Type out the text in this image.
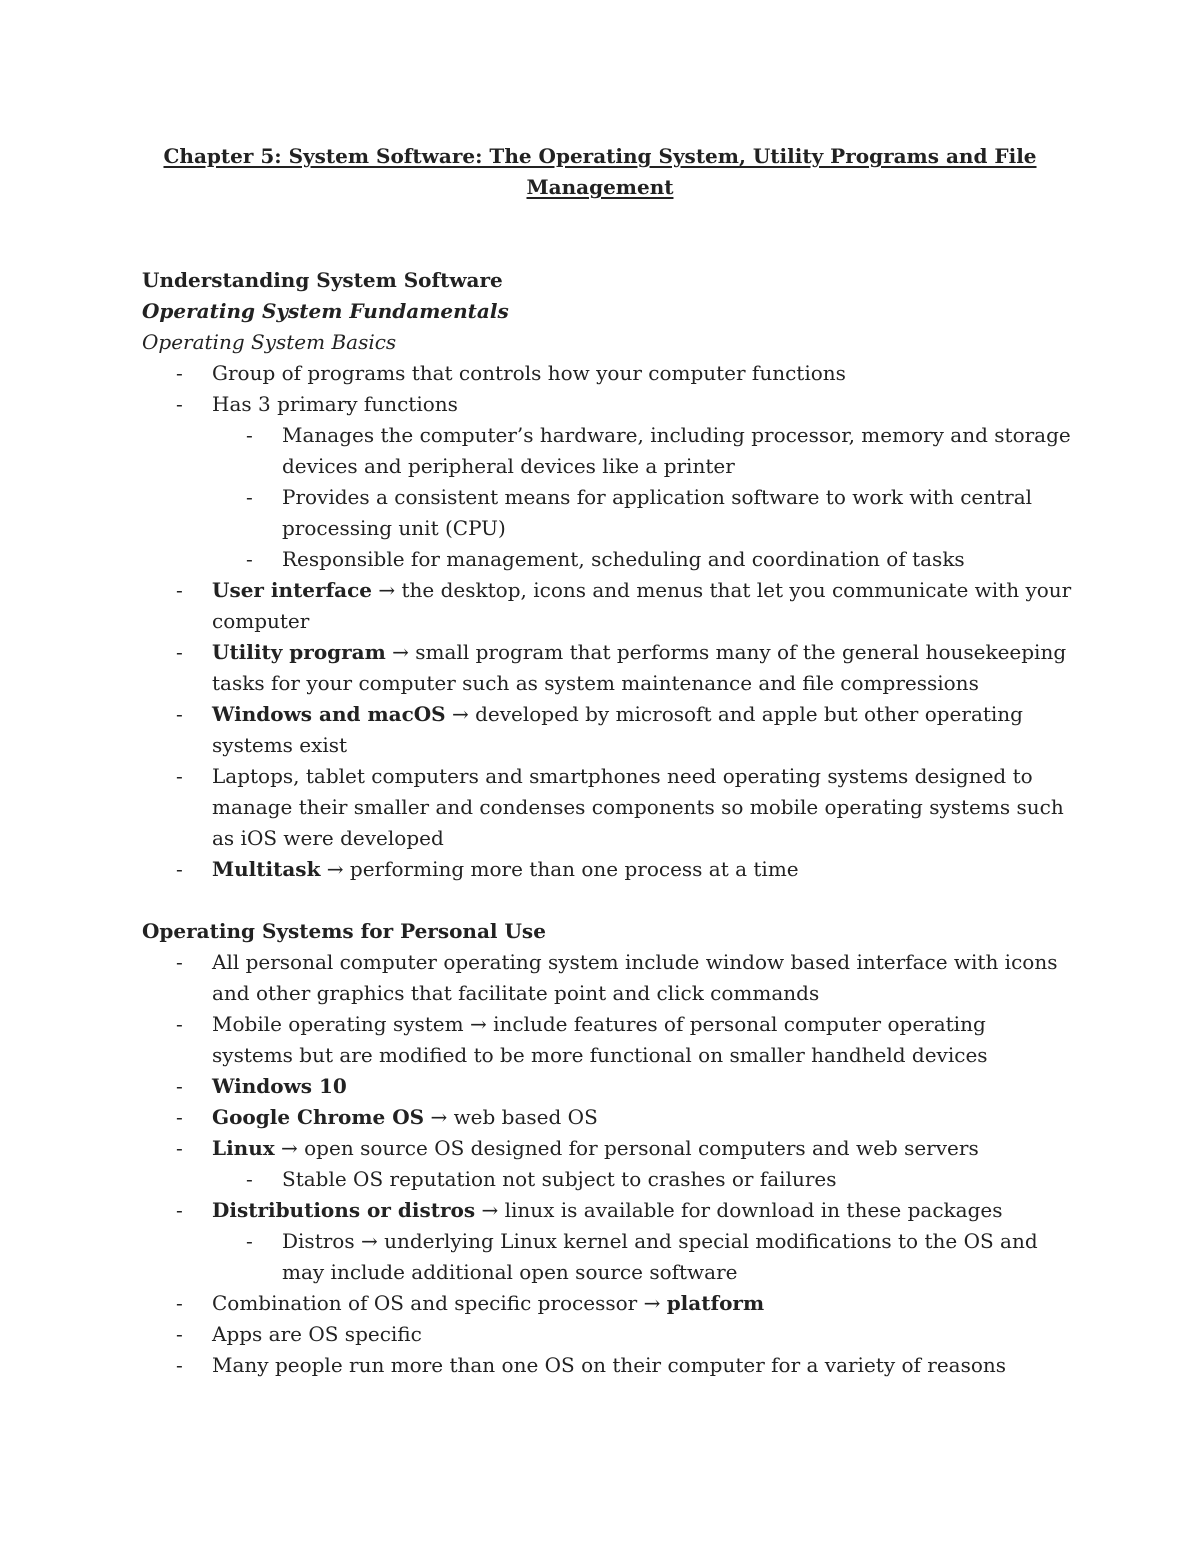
Chapter 5: System Software: The Operating System, Utility Programs and File Management
Understanding System Software
Operating System Fundamentals
Operating System Basics
- Group of programs that controls how your computer functions
- Has 3 primary functions
- Manages the computer’s hardware, including processor, memory and storage devices and peripheral devices like a printer
- Provides a consistent means for application software to work with central processing unit (CPU)
- Responsible for management, scheduling and coordination of tasks
- User interface → the desktop, icons and menus that let you communicate with your computer
- Utility program → small program that performs many of the general housekeeping tasks for your computer such as system maintenance and file compressions
- Windows and macOS → developed by microsoft and apple but other operating systems exist
- Laptops, tablet computers and smartphones need operating systems designed to manage their smaller and condenses components so mobile operating systems such as iOS were developed
- Multitask → performing more than one process at a time
Operating Systems for Personal Use
- All personal computer operating system include window based interface with icons and other graphics that facilitate point and click commands
- Mobile operating system → include features of personal computer operating systems but are modified to be more functional on smaller handheld devices
- Windows 10
- Google Chrome OS → web based OS
- Linux → open source OS designed for personal computers and web servers
- Stable OS reputation not subject to crashes or failures
- Distributions or distros → linux is available for download in these packages
- Distros → underlying Linux kernel and special modifications to the OS and may include additional open source software
- Combination of OS and specific processor → platform
- Apps are OS specific
- Many people run more than one OS on their computer for a variety of reasons
